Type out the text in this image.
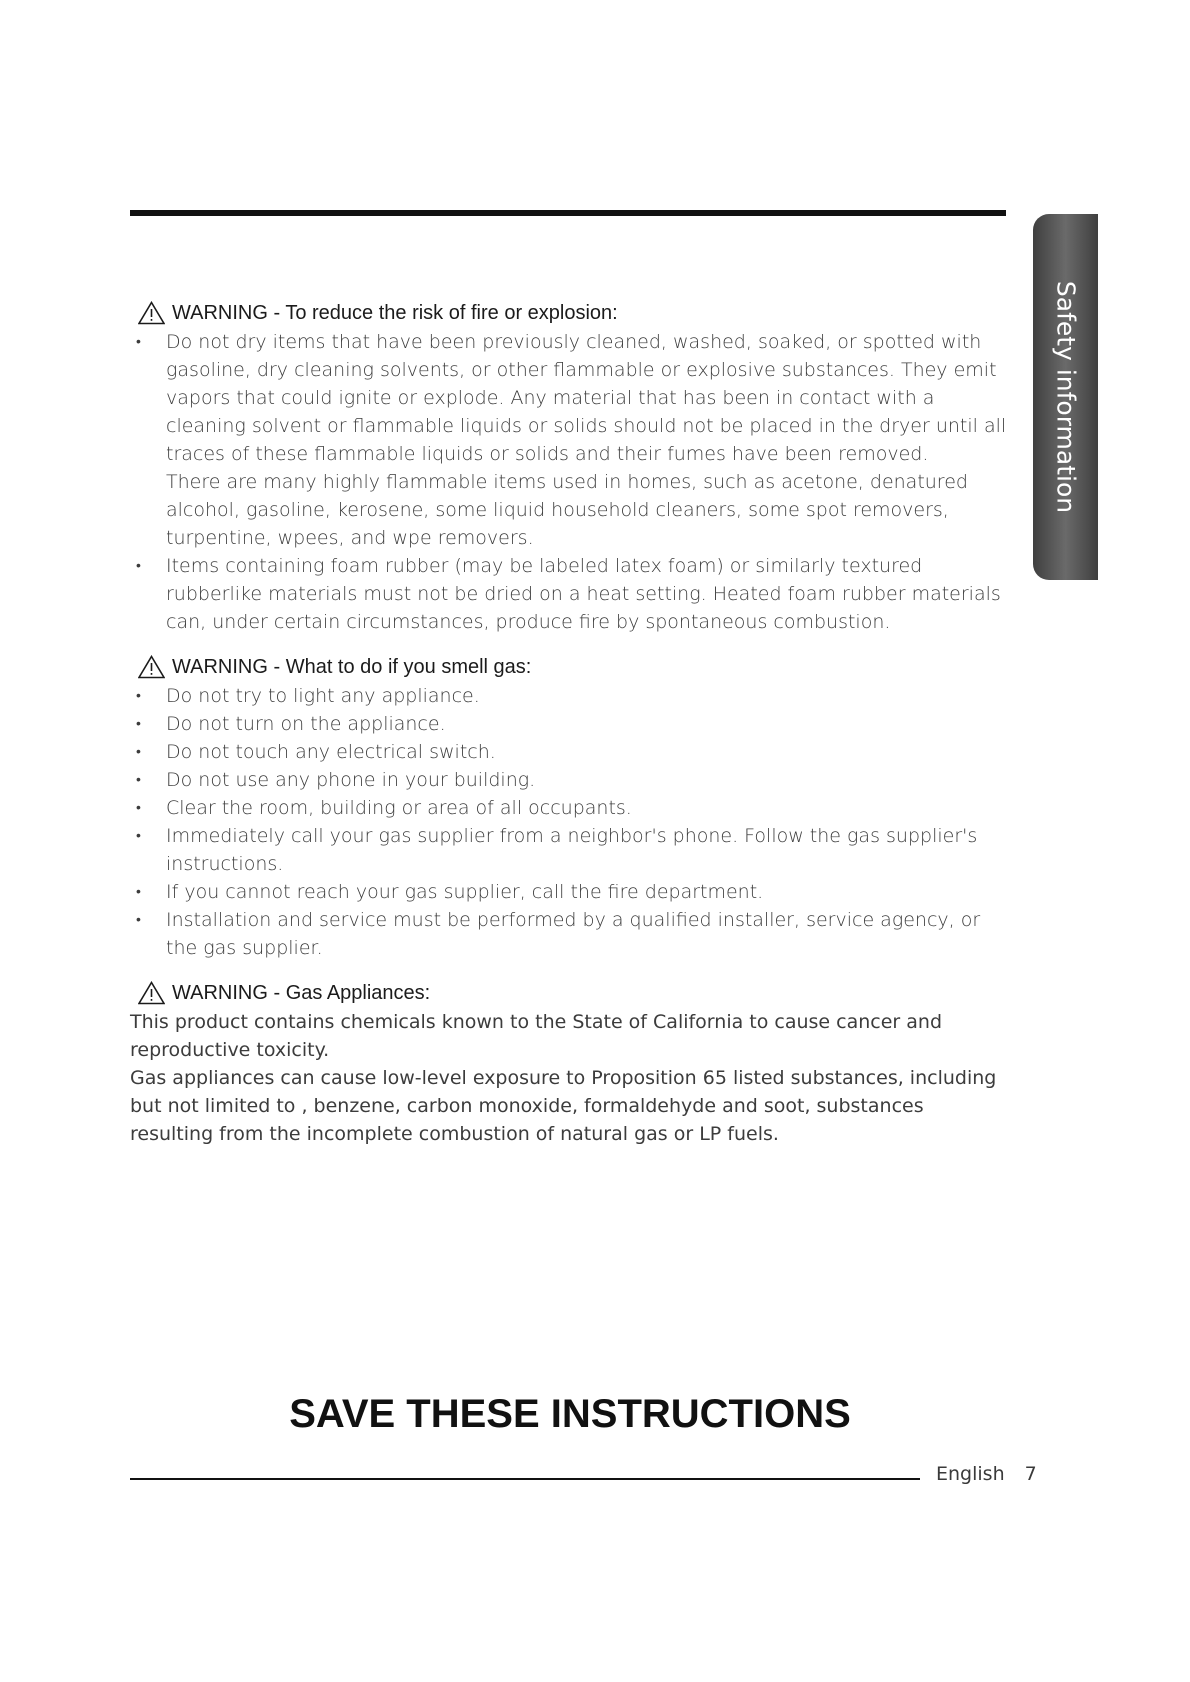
Safety information
WARNING - To reduce the risk of fire or explosion:
• Do not dry items that have been previously cleaned, washed, soaked, or spotted with gasoline, dry cleaning solvents, or other flammable or explosive substances. They emit vapors that could ignite or explode. Any material that has been in contact with a cleaning solvent or flammable liquids or solids should not be placed in the dryer until all traces of these flammable liquids or solids and their fumes have been removed.
There are many highly flammable items used in homes, such as acetone, denatured alcohol, gasoline, kerosene, some liquid household cleaners, some spot removers, turpentine, wpees, and wpe removers.
• Items containing foam rubber (may be labeled latex foam) or similarly textured rubberlike materials must not be dried on a heat setting. Heated foam rubber materials can, under certain circumstances, produce fire by spontaneous combustion.
WARNING - What to do if you smell gas:
• Do not try to light any appliance.
• Do not turn on the appliance.
• Do not touch any electrical switch.
• Do not use any phone in your building.
• Clear the room, building or area of all occupants.
• Immediately call your gas supplier from a neighbor's phone. Follow the gas supplier's instructions.
• If you cannot reach your gas supplier, call the fire department.
• Installation and service must be performed by a qualified installer, service agency, or the gas supplier.
WARNING - Gas Appliances:

This product contains chemicals known to the State of California to cause cancer and reproductive toxicity.

Gas appliances can cause low-level exposure to Proposition 65 listed substances, including but not limited to , benzene, carbon monoxide, formaldehyde and soot, substances resulting from the incomplete combustion of natural gas or LP fuels.

SAVE THESE INSTRUCTIONS
English 7
